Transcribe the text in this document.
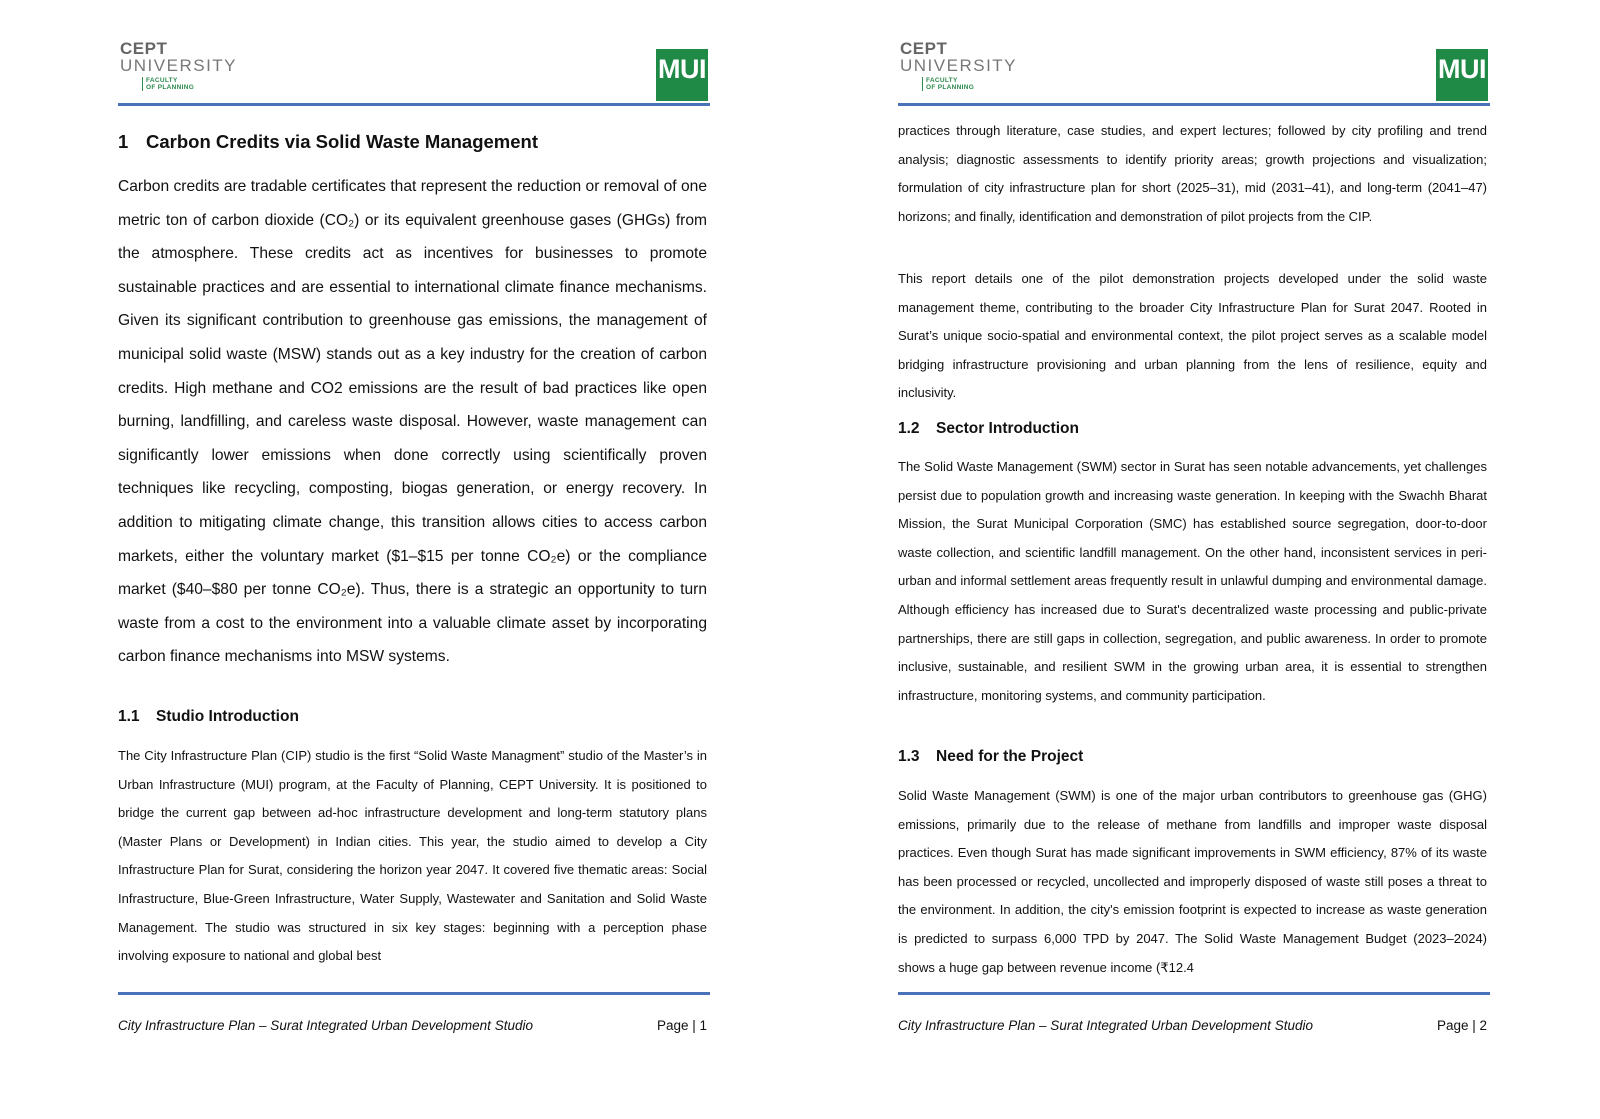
CEPT
UNIVERSITY
FACULTY
OF PLANNING
MUI
1 Carbon Credits via Solid Waste Management

Carbon credits are tradable certificates that represent the reduction or removal of one metric ton of carbon dioxide (CO₂) or its equivalent greenhouse gases (GHGs) from the atmosphere. These credits act as incentives for businesses to promote sustainable practices and are essential to international climate finance mechanisms. Given its significant contribution to greenhouse gas emissions, the management of municipal solid waste (MSW) stands out as a key industry for the creation of carbon credits. High methane and CO2 emissions are the result of bad practices like open burning, landfilling, and careless waste disposal. However, waste management can significantly lower emissions when done correctly using scientifically proven techniques like recycling, composting, biogas generation, or energy recovery. In addition to mitigating climate change, this transition allows cities to access carbon markets, either the voluntary market ($1–$15 per tonne CO₂e) or the compliance market ($40–$80 per tonne CO₂e). Thus, there is a strategic an opportunity to turn waste from a cost to the environment into a valuable climate asset by incorporating carbon finance mechanisms into MSW systems.

1.1 Studio Introduction

The City Infrastructure Plan (CIP) studio is the first “Solid Waste Managment” studio of the Master’s in Urban Infrastructure (MUI) program, at the Faculty of Planning, CEPT University. It is positioned to bridge the current gap between ad-hoc infrastructure development and long-term statutory plans (Master Plans or Development) in Indian cities. This year, the studio aimed to develop a City Infrastructure Plan for Surat, considering the horizon year 2047. It covered five thematic areas: Social Infrastructure, Blue-Green Infrastructure, Water Supply, Wastewater and Sanitation and Solid Waste Management. The studio was structured in six key stages: beginning with a perception phase involving exposure to national and global best

City Infrastructure Plan – Surat Integrated Urban Development Studio	Page | 1
CEPT
UNIVERSITY
FACULTY
OF PLANNING
MUI

practices through literature, case studies, and expert lectures; followed by city profiling and trend analysis; diagnostic assessments to identify priority areas; growth projections and visualization; formulation of city infrastructure plan for short (2025–31), mid (2031–41), and long-term (2041–47) horizons; and finally, identification and demonstration of pilot projects from the CIP.

This report details one of the pilot demonstration projects developed under the solid waste management theme, contributing to the broader City Infrastructure Plan for Surat 2047. Rooted in Surat’s unique socio-spatial and environmental context, the pilot project serves as a scalable model bridging infrastructure provisioning and urban planning from the lens of resilience, equity and inclusivity.

1.2 Sector Introduction

The Solid Waste Management (SWM) sector in Surat has seen notable advancements, yet challenges persist due to population growth and increasing waste generation. In keeping with the Swachh Bharat Mission, the Surat Municipal Corporation (SMC) has established source segregation, door-to-door waste collection, and scientific landfill management. On the other hand, inconsistent services in peri-urban and informal settlement areas frequently result in unlawful dumping and environmental damage. Although efficiency has increased due to Surat's decentralized waste processing and public-private partnerships, there are still gaps in collection, segregation, and public awareness. In order to promote inclusive, sustainable, and resilient SWM in the growing urban area, it is essential to strengthen infrastructure, monitoring systems, and community participation.

1.3 Need for the Project

Solid Waste Management (SWM) is one of the major urban contributors to greenhouse gas (GHG) emissions, primarily due to the release of methane from landfills and improper waste disposal practices. Even though Surat has made significant improvements in SWM efficiency, 87% of its waste has been processed or recycled, uncollected and improperly disposed of waste still poses a threat to the environment. In addition, the city's emission footprint is expected to increase as waste generation is predicted to surpass 6,000 TPD by 2047. The Solid Waste Management Budget (2023–2024) shows a huge gap between revenue income (₹12.4

City Infrastructure Plan – Surat Integrated Urban Development Studio	Page | 2
